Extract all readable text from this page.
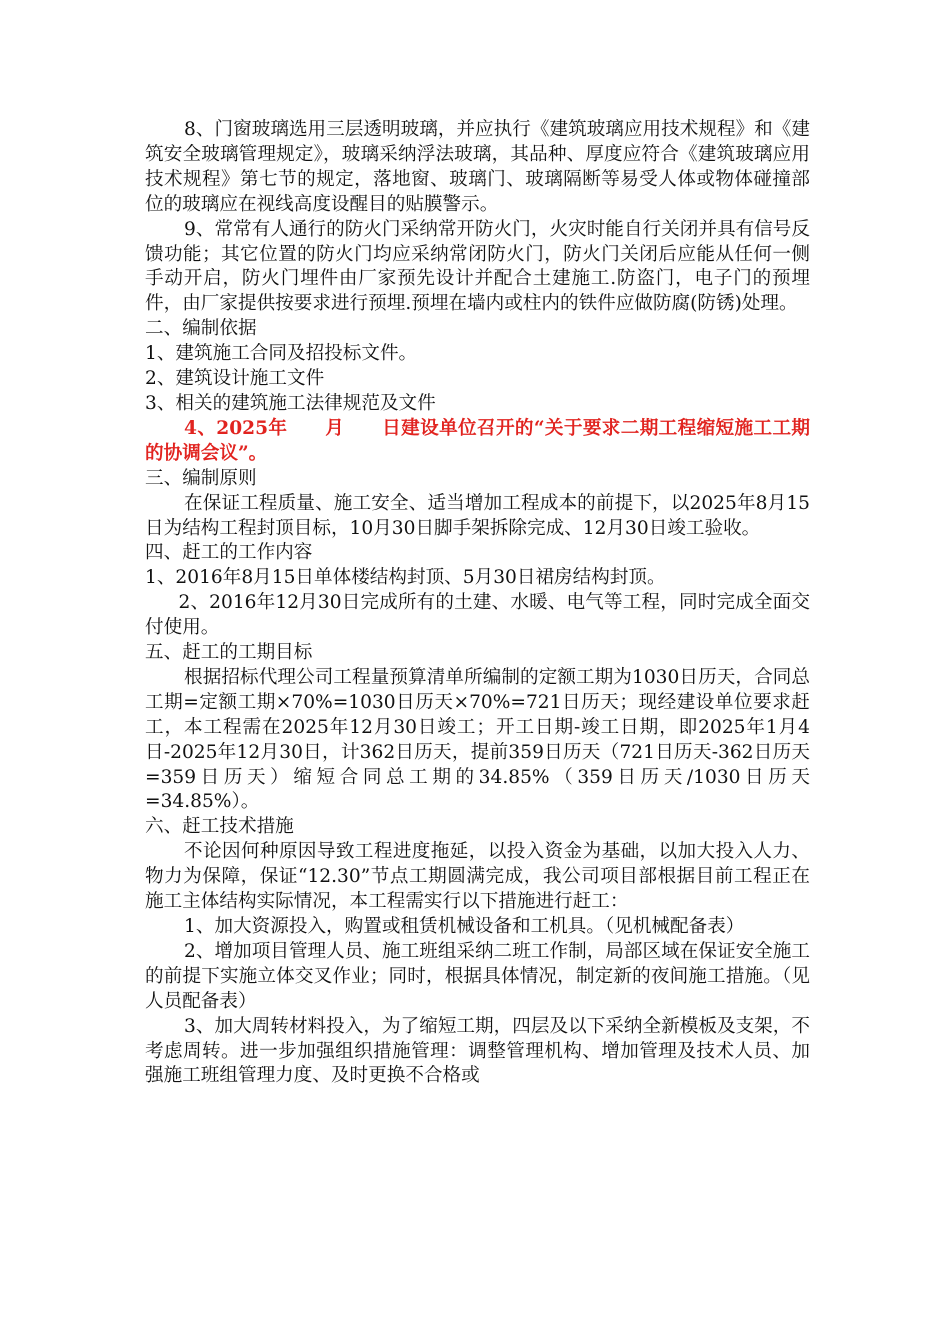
8、门窗玻璃选用三层透明玻璃，并应执行《建筑玻璃应用技术规程》和《建筑安全玻璃管理规定》，玻璃采纳浮法玻璃，其品种、厚度应符合《建筑玻璃应用技术规程》第七节的规定，落地窗、玻璃门、玻璃隔断等易受人体或物体碰撞部位的玻璃应在视线高度设醒目的贴膜警示。

9、常常有人通行的防火门采纳常开防火门，火灾时能自行关闭并具有信号反馈功能；其它位置的防火门均应采纳常闭防火门，防火门关闭后应能从任何一侧手动开启，防火门埋件由厂家预先设计并配合土建施工.防盗门，电子门的预埋件，由厂家提供按要求进行预埋.预埋在墙内或柱内的铁件应做防腐(防锈)处理。

二、编制依据

1、建筑施工合同及招投标文件。

2、建筑设计施工文件

3、相关的建筑施工法律规范及文件

4、2025年　　月　　日建设单位召开的“关于要求二期工程缩短施工工期的协调会议”。

三、编制原则

在保证工程质量、施工安全、适当增加工程成本的前提下，以2025年8月15日为结构工程封顶目标，10月30日脚手架拆除完成、12月30日竣工验收。

四、赶工的工作内容

1、2016年8月15日单体楼结构封顶、5月30日裙房结构封顶。

2、2016年12月30日完成所有的土建、水暖、电气等工程，同时完成全面交付使用。

五、赶工的工期目标

根据招标代理公司工程量预算清单所编制的定额工期为1030日历天，合同总工期=定额工期×70%=1030日历天×70%=721日历天；现经建设单位要求赶工，本工程需在2025年12月30日竣工；开工日期-竣工日期，即2025年1月4日-2025年12月30日，计362日历天，提前359日历天（721日历天-362日历天=359日历天）缩短合同总工期的34.85%（359日历天/1030日历天=34.85%）。

六、赶工技术措施

不论因何种原因导致工程进度拖延，以投入资金为基础，以加大投入人力、物力为保障，保证“12.30”节点工期圆满完成，我公司项目部根据目前工程正在施工主体结构实际情况，本工程需实行以下措施进行赶工：

1、加大资源投入，购置或租赁机械设备和工机具。（见机械配备表）

2、增加项目管理人员、施工班组采纳二班工作制，局部区域在保证安全施工的前提下实施立体交叉作业；同时，根据具体情况，制定新的夜间施工措施。（见人员配备表）

3、加大周转材料投入，为了缩短工期，四层及以下采纳全新模板及支架，不考虑周转。进一步加强组织措施管理：调整管理机构、增加管理及技术人员、加强施工班组管理力度、及时更换不合格或
